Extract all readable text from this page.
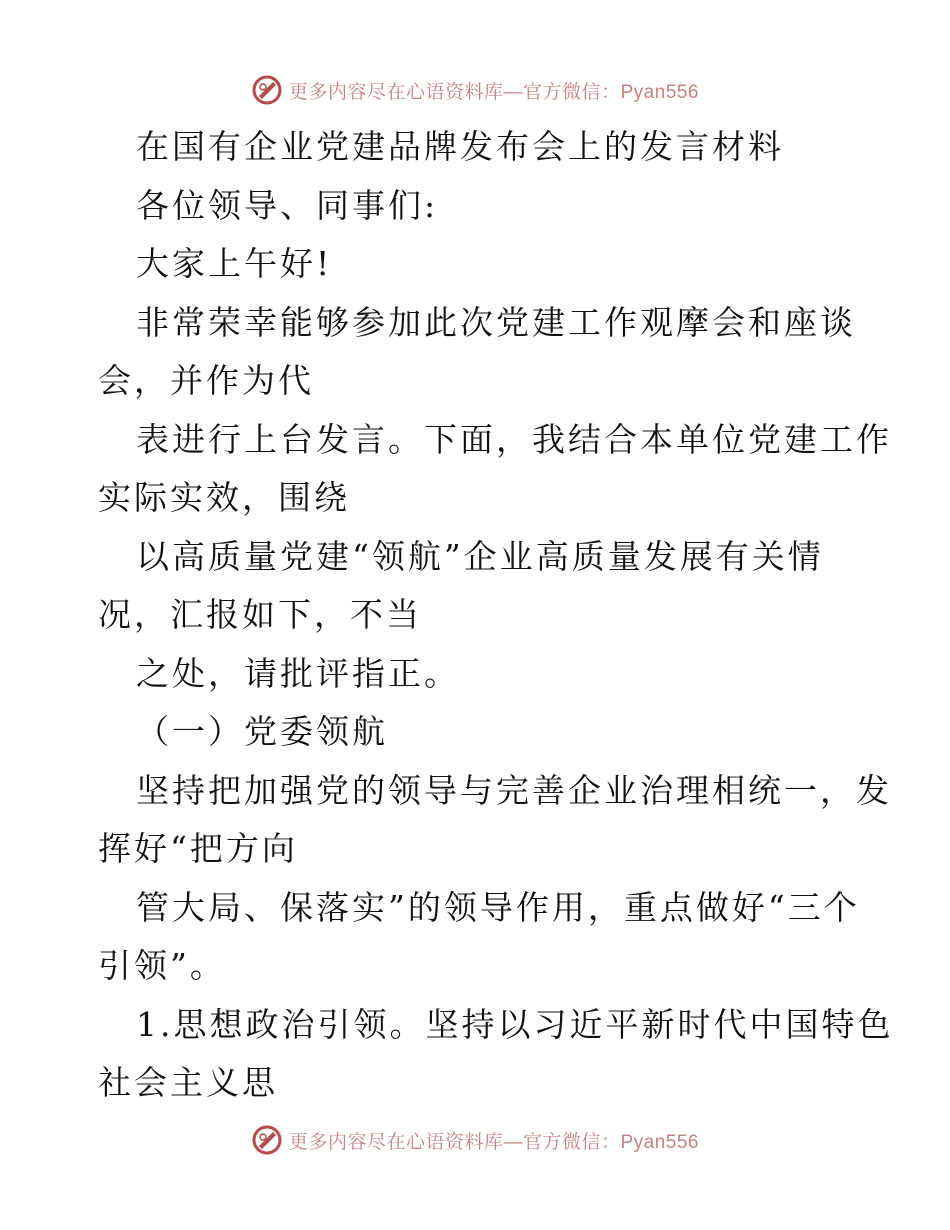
更多内容尽在心语资料库—官方微信：Pyan556
在国有企业党建品牌发布会上的发言材料
各位领导、同事们:
大家上午好!
非常荣幸能够参加此次党建工作观摩会和座谈
会，并作为代
表进行上台发言。下面，我结合本单位党建工作
实际实效，围绕
以高质量党建“领航”企业高质量发展有关情
况，汇报如下，不当
之处，请批评指正。
（一）党委领航
坚持把加强党的领导与完善企业治理相统一，发
挥好“把方向
管大局、保落实”的领导作用，重点做好“三个
引领”。
1.思想政治引领。坚持以习近平新时代中国特色
社会主义思
更多内容尽在心语资料库—官方微信：Pyan556
